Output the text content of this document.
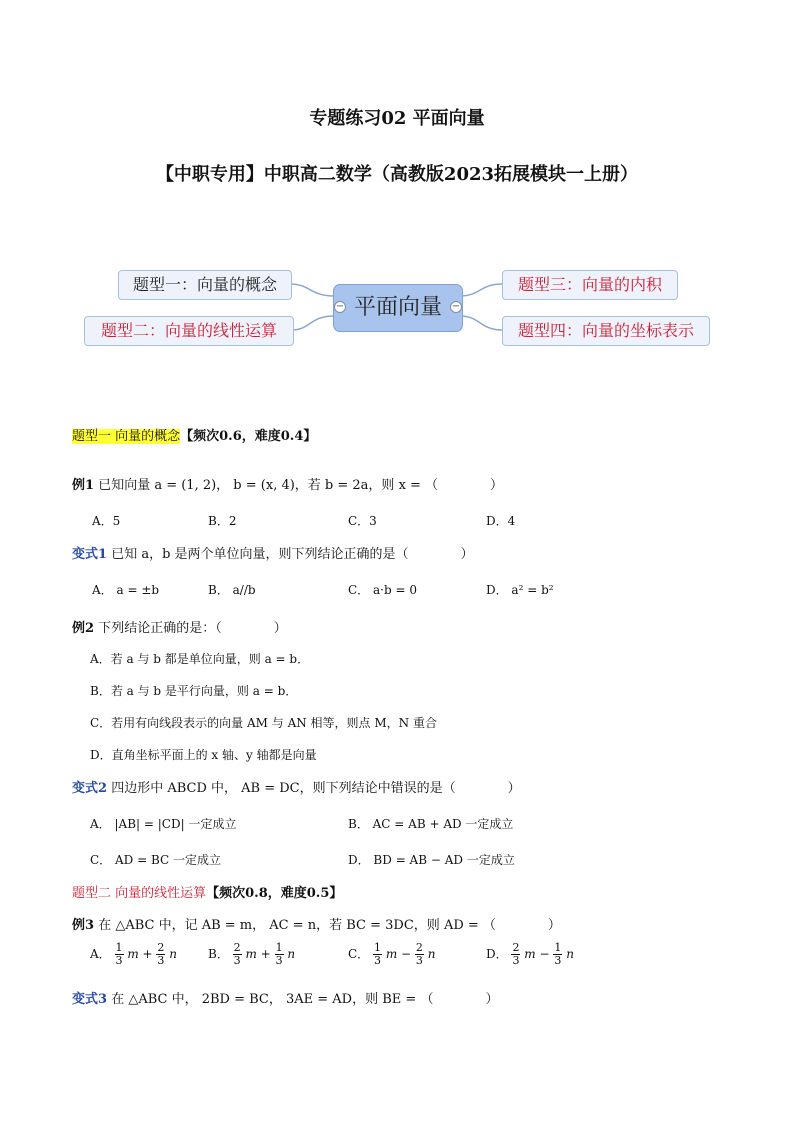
专题练习02 平面向量
【中职专用】中职高二数学（高教版2023拓展模块一上册）
题型一：向量的概念
题型二：向量的线性运算
题型三：向量的内积
题型四：向量的坐标表示
平面向量
−	−
题型一 向量的概念【频次0.6，难度0.4】
例1 已知向量 a = (1, 2)， b = (x, 4)，若 b = 2a，则 x = （　　　　）
A．5	B．2	C．3	D．4
变式1 已知 a，b 是两个单位向量，则下列结论正确的是（　　　　）
A． a = ±b	B． a//b	C． a·b = 0	D． a² = b²
例2 下列结论正确的是：（　　　　）
A．若 a 与 b 都是单位向量，则 a = b．
B．若 a 与 b 是平行向量，则 a = b．
C．若用有向线段表示的向量 AM 与 AN 相等，则点 M，N 重合
D．直角坐标平面上的 x 轴、y 轴都是向量
变式2 四边形中 ABCD 中， AB = DC，则下列结论中错误的是（　　　　）
A． |AB| = |CD| 一定成立	B． AC = AB + AD 一定成立
C． AD = BC 一定成立	D． BD = AB − AD 一定成立
题型二 向量的线性运算【频次0.8，难度0.5】
例3 在 △ABC 中，记 AB = m， AC = n，若 BC = 3DC，则 AD = （　　　　）
A． $\frac{1}{3}$ $m + \frac{2}{3}$ n	B． $\frac{2}{3}$ $m + \frac{1}{3}$ n	C． $\frac{1}{3}$ $m - \frac{2}{3}$ n	D． $\frac{2}{3}$ $m - \frac{1}{3}$ n
变式3 在 △ABC 中， 2BD = BC， 3AE = AD，则 BE = （　　　　）
